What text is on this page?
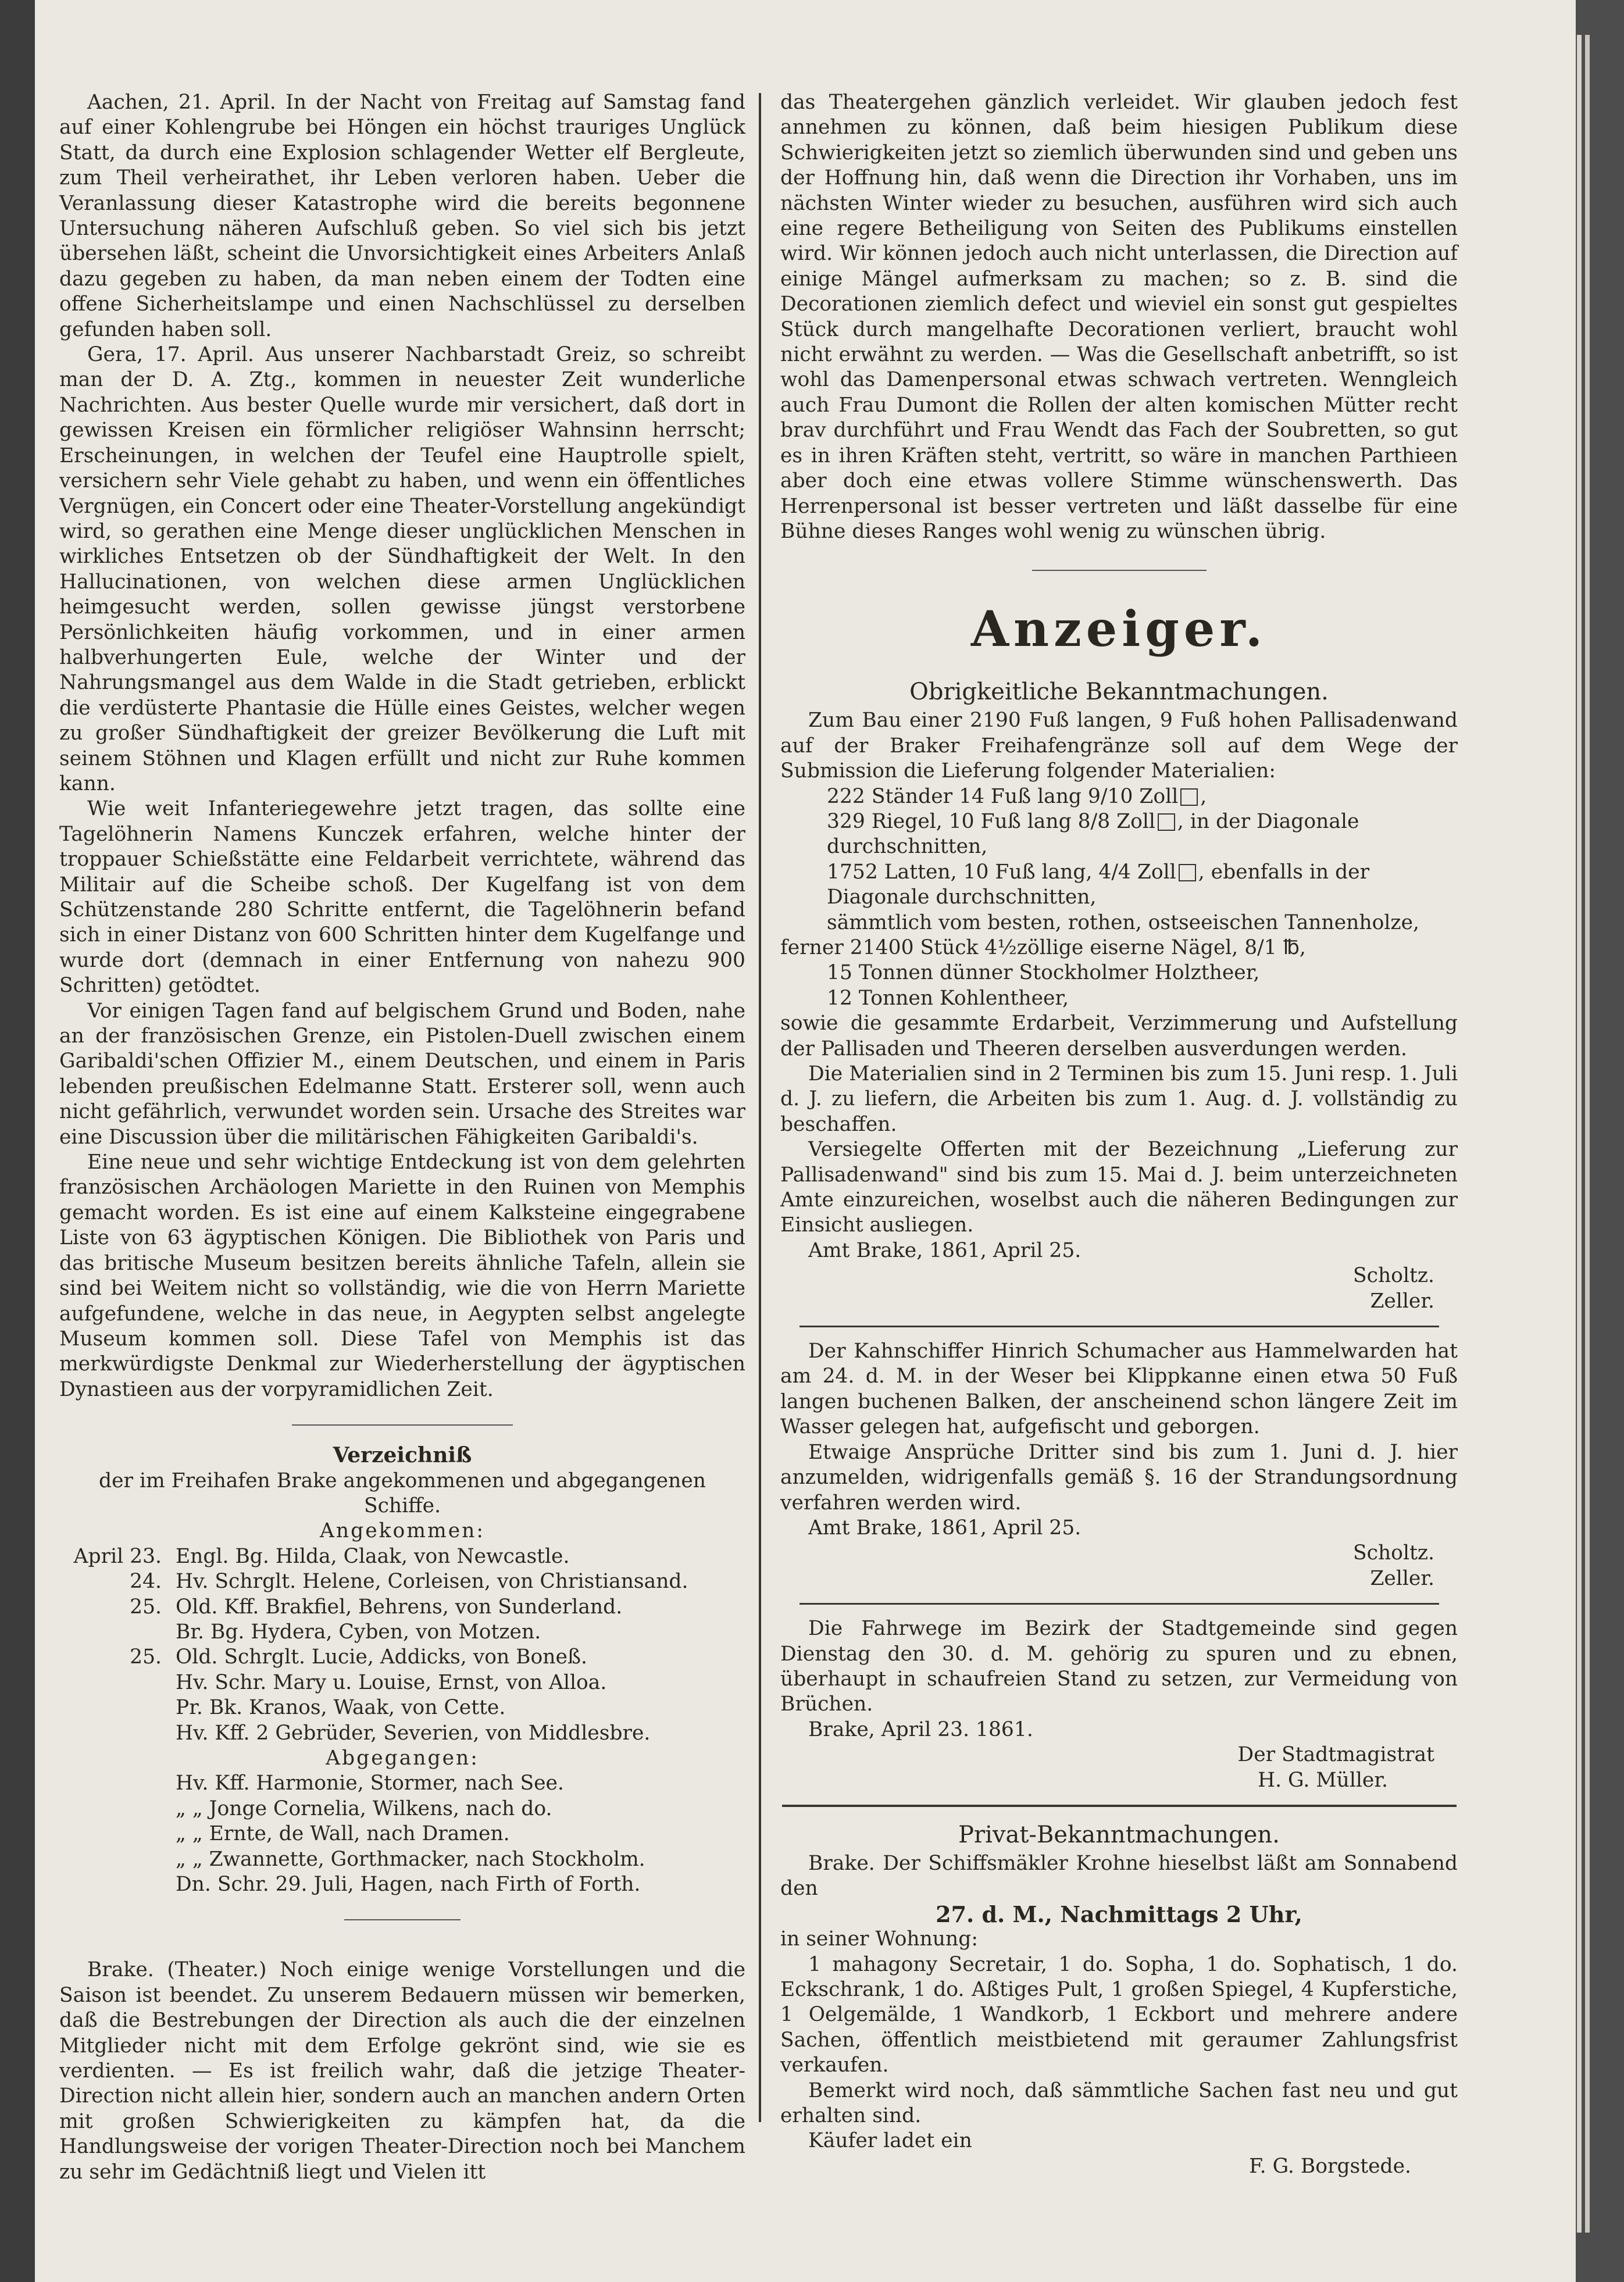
Aachen, 21. April. In der Nacht von Freitag auf Samstag fand auf einer Kohlengrube bei Höngen ein höchst trauriges Unglück Statt, da durch eine Explosion schlagender Wetter elf Bergleute, zum Theil verheirathet, ihr Leben verloren haben. Ueber die Veranlassung dieser Katastrophe wird die bereits begonnene Untersuchung näheren Aufschluß geben. So viel sich bis jetzt übersehen läßt, scheint die Unvorsichtigkeit eines Arbeiters Anlaß dazu gegeben zu haben, da man neben einem der Todten eine offene Sicherheitslampe und einen Nachschlüssel zu derselben gefunden haben soll.

Gera, 17. April. Aus unserer Nachbarstadt Greiz, so schreibt man der D. A. Ztg., kommen in neuester Zeit wunderliche Nachrichten. Aus bester Quelle wurde mir versichert, daß dort in gewissen Kreisen ein förmlicher religiöser Wahnsinn herrscht; Erscheinungen, in welchen der Teufel eine Hauptrolle spielt, versichern sehr Viele gehabt zu haben, und wenn ein öffentliches Vergnügen, ein Concert oder eine Theater-Vorstellung angekündigt wird, so gerathen eine Menge dieser unglücklichen Menschen in wirkliches Entsetzen ob der Sündhaftigkeit der Welt. In den Hallucinationen, von welchen diese armen Unglücklichen heimgesucht werden, sollen gewisse jüngst verstorbene Persönlichkeiten häufig vorkommen, und in einer armen halbverhungerten Eule, welche der Winter und der Nahrungsmangel aus dem Walde in die Stadt getrieben, erblickt die verdüsterte Phantasie die Hülle eines Geistes, welcher wegen zu großer Sündhaftigkeit der greizer Bevölkerung die Luft mit seinem Stöhnen und Klagen erfüllt und nicht zur Ruhe kommen kann.

Wie weit Infanteriegewehre jetzt tragen, das sollte eine Tagelöhnerin Namens Kunczek erfahren, welche hinter der troppauer Schießstätte eine Feldarbeit verrichtete, während das Militair auf die Scheibe schoß. Der Kugelfang ist von dem Schützenstande 280 Schritte entfernt, die Tagelöhnerin befand sich in einer Distanz von 600 Schritten hinter dem Kugelfange und wurde dort (demnach in einer Entfernung von nahezu 900 Schritten) getödtet.

Vor einigen Tagen fand auf belgischem Grund und Boden, nahe an der französischen Grenze, ein Pistolen-Duell zwischen einem Garibaldi'schen Offizier M., einem Deutschen, und einem in Paris lebenden preußischen Edelmanne Statt. Ersterer soll, wenn auch nicht gefährlich, verwundet worden sein. Ursache des Streites war eine Discussion über die militärischen Fähigkeiten Garibaldi's.

Eine neue und sehr wichtige Entdeckung ist von dem gelehrten französischen Archäologen Mariette in den Ruinen von Memphis gemacht worden. Es ist eine auf einem Kalksteine eingegrabene Liste von 63 ägyptischen Königen. Die Bibliothek von Paris und das britische Museum besitzen bereits ähnliche Tafeln, allein sie sind bei Weitem nicht so vollständig, wie die von Herrn Mariette aufgefundene, welche in das neue, in Aegypten selbst angelegte Museum kommen soll. Diese Tafel von Memphis ist das merkwürdigste Denkmal zur Wiederherstellung der ägyptischen Dynastieen aus der vorpyramidlichen Zeit.

Verzeichniß
der im Freihafen Brake angekommenen und abgegangenen Schiffe.
Angekommen:
April 23. Engl. Bg. Hilda, Claak, von Newcastle.
24. Hv. Schrglt. Helene, Corleisen, von Christiansand.
25. Old. Kff. Brakfiel, Behrens, von Sunderland.
Br. Bg. Hydera, Cyben, von Motzen.
25. Old. Schrglt. Lucie, Addicks, von Boneß.
Hv. Schr. Mary u. Louise, Ernst, von Alloa.
Pr. Bk. Kranos, Waak, von Cette.
Hv. Kff. 2 Gebrüder, Severien, von Middlesbre.
Abgegangen:
Hv. Kff. Harmonie, Stormer, nach See.
„ „ Jonge Cornelia, Wilkens, nach do.
„ „ Ernte, de Wall, nach Dramen.
„ „ Zwannette, Gorthmacker, nach Stockholm.
Dn. Schr. 29. Juli, Hagen, nach Firth of Forth.

Brake. (Theater.) Noch einige wenige Vorstellungen und die Saison ist beendet. Zu unserem Bedauern müssen wir bemerken, daß die Bestrebungen der Direction als auch die der einzelnen Mitglieder nicht mit dem Erfolge gekrönt sind, wie sie es verdienten. — Es ist freilich wahr, daß die jetzige Theater-Direction nicht allein hier, sondern auch an manchen andern Orten mit großen Schwierigkeiten zu kämpfen hat, da die Handlungsweise der vorigen Theater-Direction noch bei Manchem zu sehr im Gedächtniß liegt und Vielen itt

das Theatergehen gänzlich verleidet. Wir glauben jedoch fest annehmen zu können, daß beim hiesigen Publikum diese Schwierigkeiten jetzt so ziemlich überwunden sind und geben uns der Hoffnung hin, daß wenn die Direction ihr Vorhaben, uns im nächsten Winter wieder zu besuchen, ausführen wird sich auch eine regere Betheiligung von Seiten des Publikums einstellen wird. Wir können jedoch auch nicht unterlassen, die Direction auf einige Mängel aufmerksam zu machen; so z. B. sind die Decorationen ziemlich defect und wieviel ein sonst gut gespieltes Stück durch mangelhafte Decorationen verliert, braucht wohl nicht erwähnt zu werden. — Was die Gesellschaft anbetrifft, so ist wohl das Damenpersonal etwas schwach vertreten. Wenngleich auch Frau Dumont die Rollen der alten komischen Mütter recht brav durchführt und Frau Wendt das Fach der Soubretten, so gut es in ihren Kräften steht, vertritt, so wäre in manchen Parthieen aber doch eine etwas vollere Stimme wünschenswerth. Das Herrenpersonal ist besser vertreten und läßt dasselbe für eine Bühne dieses Ranges wohl wenig zu wünschen übrig.

Anzeiger.
Obrigkeitliche Bekanntmachungen.

Zum Bau einer 2190 Fuß langen, 9 Fuß hohen Pallisadenwand auf der Braker Freihafengränze soll auf dem Wege der Submission die Lieferung folgender Materialien:

222 Ständer 14 Fuß lang 9/10 Zoll ,
329 Riegel, 10 Fuß lang 8/8 Zoll , in der Diagonale durchschnitten,
1752 Latten, 10 Fuß lang, 4/4 Zoll , ebenfalls in der Diagonale durchschnitten,
sämmtlich vom besten, rothen, ostseeischen Tannenholze,
ferner 21400 Stück 4½zöllige eiserne Nägel, 8/1 ℔,
15 Tonnen dünner Stockholmer Holztheer,
12 Tonnen Kohlentheer,

sowie die gesammte Erdarbeit, Verzimmerung und Aufstellung der Pallisaden und Theeren derselben ausverdungen werden.

Die Materialien sind in 2 Terminen bis zum 15. Juni resp. 1. Juli d. J. zu liefern, die Arbeiten bis zum 1. Aug. d. J. vollständig zu beschaffen.

Versiegelte Offerten mit der Bezeichnung „Lieferung zur Pallisadenwand" sind bis zum 15. Mai d. J. beim unterzeichneten Amte einzureichen, woselbst auch die näheren Bedingungen zur Einsicht ausliegen.

Amt Brake, 1861, April 25.

Scholtz.
Zeller.

Der Kahnschiffer Hinrich Schumacher aus Hammelwarden hat am 24. d. M. in der Weser bei Klippkanne einen etwa 50 Fuß langen buchenen Balken, der anscheinend schon längere Zeit im Wasser gelegen hat, aufgefischt und geborgen.

Etwaige Ansprüche Dritter sind bis zum 1. Juni d. J. hier anzumelden, widrigenfalls gemäß §. 16 der Strandungsordnung verfahren werden wird.

Amt Brake, 1861, April 25.

Scholtz.
Zeller.

Die Fahrwege im Bezirk der Stadtgemeinde sind gegen Dienstag den 30. d. M. gehörig zu spuren und zu ebnen, überhaupt in schaufreien Stand zu setzen, zur Vermeidung von Brüchen.

Brake, April 23. 1861.

Der Stadtmagistrat
H. G. Müller.
Privat-Bekanntmachungen.

Brake. Der Schiffsmäkler Krohne hieselbst läßt am Sonnabend den

27. d. M., Nachmittags 2 Uhr,

in seiner Wohnung:

1 mahagony Secretair, 1 do. Sopha, 1 do. Sophatisch, 1 do. Eckschrank, 1 do. Aßtiges Pult, 1 großen Spiegel, 4 Kupferstiche, 1 Oelgemälde, 1 Wandkorb, 1 Eckbort und mehrere andere Sachen, öffentlich meistbietend mit geraumer Zahlungsfrist verkaufen.

Bemerkt wird noch, daß sämmtliche Sachen fast neu und gut erhalten sind.

Käufer ladet ein

F. G. Borgstede.
